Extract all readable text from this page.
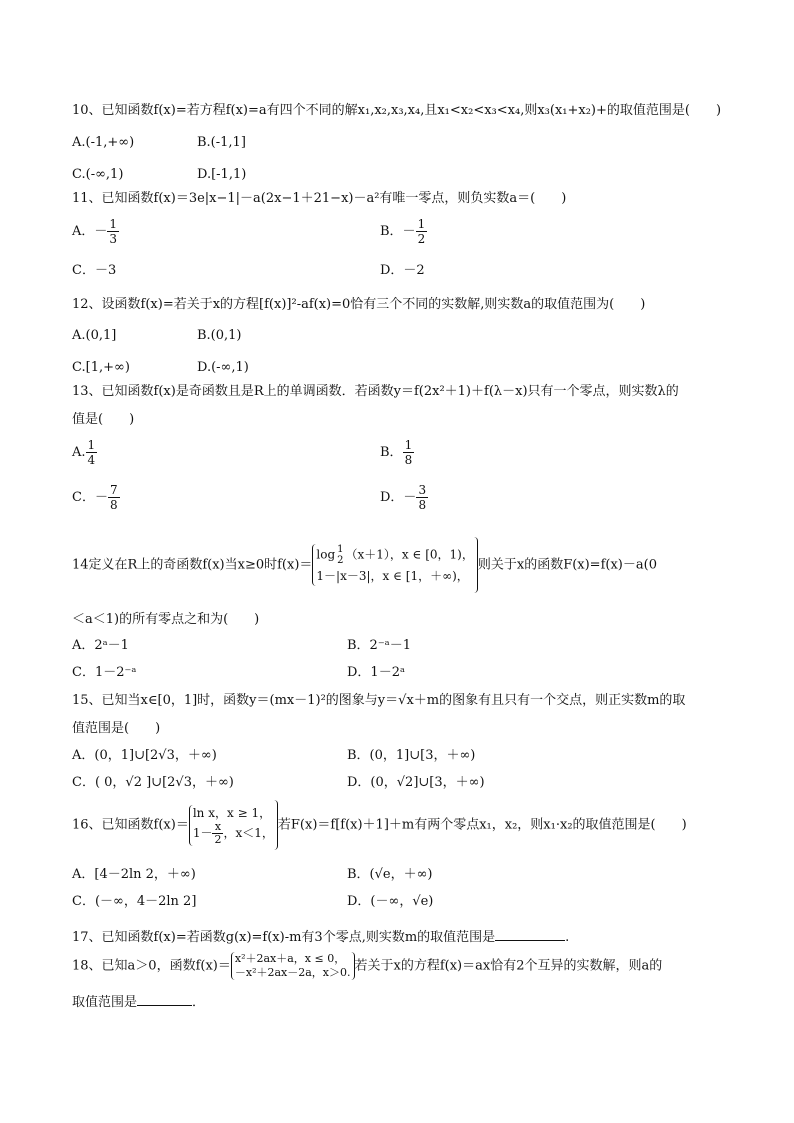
10、已知函数f(x)=若方程f(x)=a有四个不同的解x₁,x₂,x₃,x₄,且x₁<x₂<x₃<x₄,则x₃(x₁+x₂)+的取值范围是(　　)
A.(-1,+∞)	B.(-1,1]
C.(-∞,1)	D.[-1,1)
11、已知函数f(x)＝3e|x−1|－a(2x−1＋21−x)－a²有唯一零点，则负实数a＝(　　)
A．－ $\frac{1}{3}$	B．－ $\frac{1}{2}$
C．－3	D．－2
12、设函数f(x)=若关于x的方程[f(x)]²-af(x)=0恰有三个不同的实数解,则实数a的取值范围为(　　)
A.(0,1]	B.(0,1)
C.[1,+∞)	D.(-∞,1)
13、已知函数f(x)是奇函数且是R上的单调函数．若函数y＝f(2x²＋1)＋f(λ－x)只有一个零点，则实数λ的
值是(　　)
A. $\frac{1}{4}$	B． $\frac{1}{8}$
C．－ $\frac{7}{8}$	D．－ $\frac{3}{8}$
14定义在R上的奇函数f(x)当x≥0时f(x)＝
log 1
2 （x＋1），x ∈ [0，1)，
1－|x－3|，x ∈ [1，＋∞)，
则关于x的函数F(x)=f(x)－a(0
＜a＜1)的所有零点之和为(　　)
A．2ᵃ－1	B．2⁻ᵃ－1
C．1－2⁻ᵃ	D．1－2ᵃ
15、已知当x∈[0，1]时，函数y＝(mx－1)²的图象与y＝√x＋m的图象有且只有一个交点，则正实数m的取
值范围是(　　)
A．(0，1]∪[2√3，＋∞)	B．(0，1]∪[3，＋∞)
C．( 0，√2 ]∪[2√3，＋∞)	D．(0，√2]∪[3，＋∞)
16、已知函数f(x)＝
ln x，x ≥ 1，
$1- \frac{x}{2}$ ，x＜1， 若F(x)＝f[f(x)＋1]＋m有两个零点x₁，x₂，则x₁·x₂的取值范围是(　　)
A．[4－2ln 2，＋∞)	B．(√e，＋∞)
C．(－∞，4－2ln 2]	D．(－∞，√e)
17、已知函数f(x)=若函数g(x)=f(x)-m有3个零点,则实数m的取值范围是	.
18、已知a＞0，函数f(x)＝ x²＋2ax＋a，x ≤ 0，
－x²＋2ax－2a，x＞0. 若关于x的方程f(x)＝ax恰有2个互异的实数解，则a的
取值范围是	．
